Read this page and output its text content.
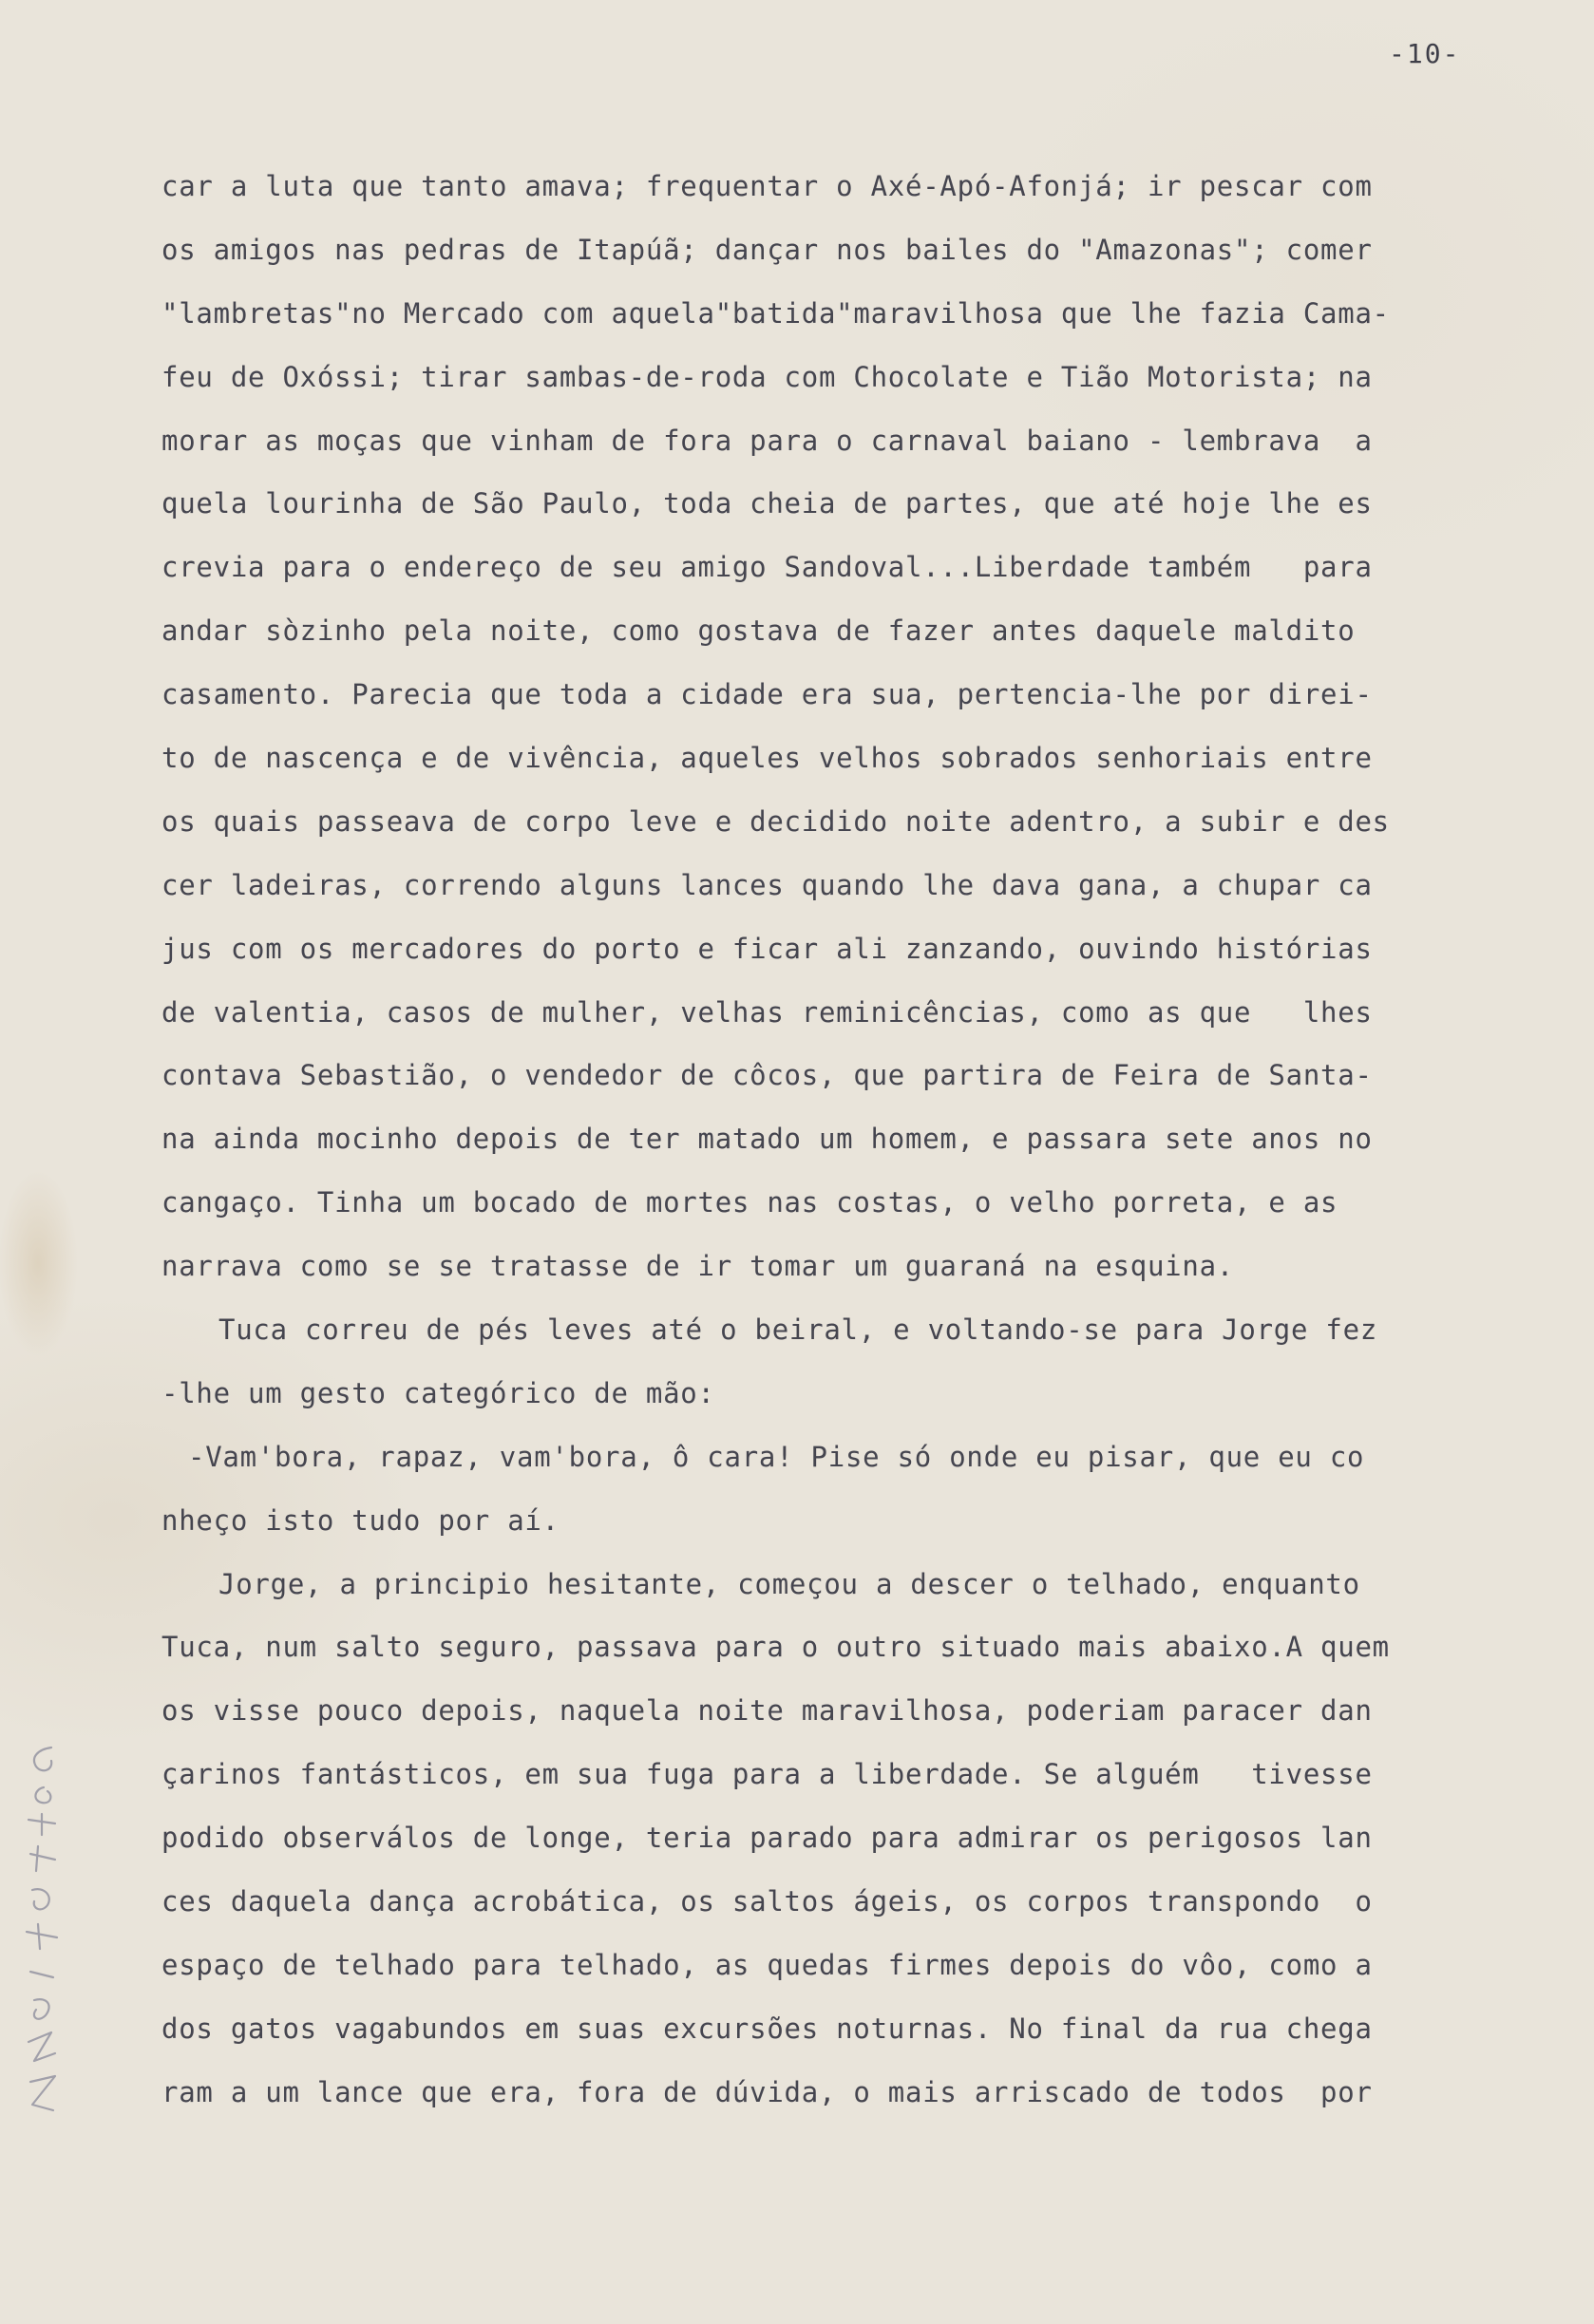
-10-
car a luta que tanto amava; frequentar o Axé-Apó-Afonjá; ir pescar com
os amigos nas pedras de Itapúã; dançar nos bailes do "Amazonas"; comer
"lambretas"no Mercado com aquela"batida"maravilhosa que lhe fazia Cama-
feu de Oxóssi; tirar sambas-de-roda com Chocolate e Tião Motorista; na
morar as moças que vinham de fora para o carnaval baiano - lembrava  a
quela lourinha de São Paulo, toda cheia de partes, que até hoje lhe es
crevia para o endereço de seu amigo Sandoval...Liberdade também   para
andar sòzinho pela noite, como gostava de fazer antes daquele maldito
casamento. Parecia que toda a cidade era sua, pertencia-lhe por direi-
to de nascença e de vivência, aqueles velhos sobrados senhoriais entre
os quais passeava de corpo leve e decidido noite adentro, a subir e des
cer ladeiras, correndo alguns lances quando lhe dava gana, a chupar ca
jus com os mercadores do porto e ficar ali zanzando, ouvindo histórias
de valentia, casos de mulher, velhas reminicências, como as que   lhes
contava Sebastião, o vendedor de côcos, que partira de Feira de Santa-
na ainda mocinho depois de ter matado um homem, e passara sete anos no
cangaço. Tinha um bocado de mortes nas costas, o velho porreta, e as
narrava como se se tratasse de ir tomar um guaraná na esquina.
Tuca correu de pés leves até o beiral, e voltando-se para Jorge fez
-lhe um gesto categórico de mão:
-Vam'bora, rapaz, vam'bora, ô cara! Pise só onde eu pisar, que eu co
nheço isto tudo por aí.
Jorge, a principio hesitante, começou a descer o telhado, enquanto
Tuca, num salto seguro, passava para o outro situado mais abaixo.A quem
os visse pouco depois, naquela noite maravilhosa, poderiam paracer dan
çarinos fantásticos, em sua fuga para a liberdade. Se alguém   tivesse
podido observálos de longe, teria parado para admirar os perigosos lan
ces daquela dança acrobática, os saltos ágeis, os corpos transpondo  o
espaço de telhado para telhado, as quedas firmes depois do vôo, como a
dos gatos vagabundos em suas excursões noturnas. No final da rua chega
ram a um lance que era, fora de dúvida, o mais arriscado de todos  por
